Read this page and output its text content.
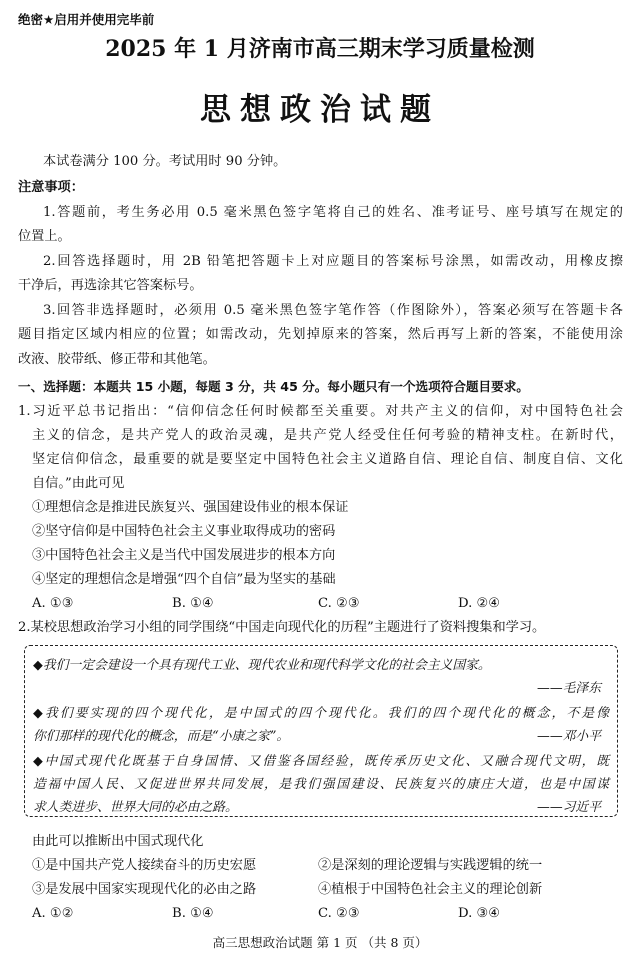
绝密★启用并使用完毕前
2025 年 1 月济南市高三期末学习质量检测
思想政治试题
本试卷满分 100 分。考试用时 90 分钟。
注意事项：
1.答题前，考生务必用 0.5 毫米黑色签字笔将自己的姓名、准考证号、座号填写在规定的
位置上。
2.回答选择题时，用 2B 铅笔把答题卡上对应题目的答案标号涂黑，如需改动，用橡皮擦
干净后，再选涂其它答案标号。
3.回答非选择题时，必须用 0.5 毫米黑色签字笔作答（作图除外），答案必须写在答题卡各
题目指定区域内相应的位置；如需改动，先划掉原来的答案，然后再写上新的答案，不能使用涂
改液、胶带纸、修正带和其他笔。
一、选择题：本题共 15 小题，每题 3 分，共 45 分。每小题只有一个选项符合题目要求。
1.习近平总书记指出：“信仰信念任何时候都至关重要。对共产主义的信仰，对中国特色社会
主义的信念，是共产党人的政治灵魂，是共产党人经受住任何考验的精神支柱。在新时代，
坚定信仰信念，最重要的就是要坚定中国特色社会主义道路自信、理论自信、制度自信、文化
自信。”由此可见
①理想信念是推进民族复兴、强国建设伟业的根本保证
②坚守信仰是中国特色社会主义事业取得成功的密码
③中国特色社会主义是当代中国发展进步的根本方向
④坚定的理想信念是增强“四个自信”最为坚实的基础
A. ①③	B. ①④	C. ②③	D. ②④
2.某校思想政治学习小组的同学围绕“中国走向现代化的历程”主题进行了资料搜集和学习。
◆我们一定会建设一个具有现代工业、现代农业和现代科学文化的社会主义国家。
——毛泽东
◆我们要实现的四个现代化，是中国式的四个现代化。我们的四个现代化的概念，不是像
你们那样的现代化的概念，而是“小康之家”。	——邓小平
◆中国式现代化既基于自身国情、又借鉴各国经验，既传承历史文化、又融合现代文明，既
造福中国人民、又促进世界共同发展，是我们强国建设、民族复兴的康庄大道，也是中国谋
求人类进步、世界大同的必由之路。	——习近平
由此可以推断出中国式现代化
①是中国共产党人接续奋斗的历史宏愿	②是深刻的理论逻辑与实践逻辑的统一
③是发展中国家实现现代化的必由之路	④植根于中国特色社会主义的理论创新
A. ①②	B. ①④	C. ②③	D. ③④
高三思想政治试题 第 1 页 （共 8 页）
